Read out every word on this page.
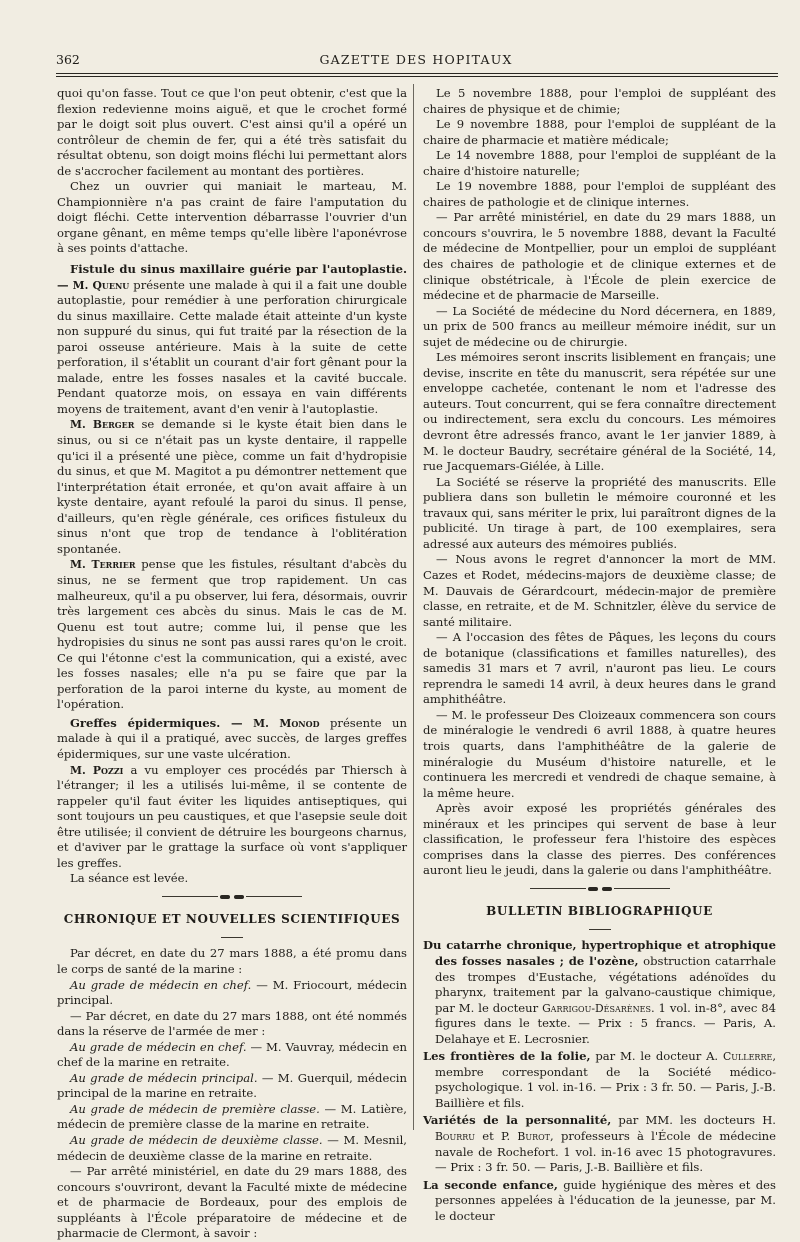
362	GAZETTE DES HOPITAUX

quoi qu'on fasse. Tout ce que l'on peut obtenir, c'est que la flexion redevienne moins aiguë, et que le crochet formé par le doigt soit plus ouvert. C'est ainsi qu'il a opéré un contrôleur de chemin de fer, qui a été très satisfait du résultat obtenu, son doigt moins fléchi lui permettant alors de s'accrocher facilement au montant des portières.

Chez un ouvrier qui maniait le marteau, M. Championnière n'a pas craint de faire l'amputation du doigt fléchi. Cette intervention débarrasse l'ouvrier d'un organe gênant, en même temps qu'elle libère l'aponévrose à ses points d'attache.

Fistule du sinus maxillaire guérie par l'autoplastie. — M. Quenu présente une malade à qui il a fait une double autoplastie, pour remédier à une perforation chirurgicale du sinus maxillaire. Cette malade était atteinte d'un kyste non suppuré du sinus, qui fut traité par la résection de la paroi osseuse antérieure. Mais à la suite de cette perforation, il s'établit un courant d'air fort gênant pour la malade, entre les fosses nasales et la cavité buccale. Pendant quatorze mois, on essaya en vain différents moyens de traitement, avant d'en venir à l'autoplastie.

M. Berger se demande si le kyste était bien dans le sinus, ou si ce n'était pas un kyste dentaire, il rappelle qu'ici il a présenté une pièce, comme un fait d'hydropisie du sinus, et que M. Magitot a pu démontrer nettement que l'interprétation était erronée, et qu'on avait affaire à un kyste dentaire, ayant refoulé la paroi du sinus. Il pense, d'ailleurs, qu'en règle générale, ces orifices fistuleux du sinus n'ont que trop de tendance à l'oblitération spontanée.

M. Terrier pense que les fistules, résultant d'abcès du sinus, ne se ferment que trop rapidement. Un cas malheureux, qu'il a pu observer, lui fera, désormais, ouvrir très largement ces abcès du sinus. Mais le cas de M. Quenu est tout autre; comme lui, il pense que les hydropisies du sinus ne sont pas aussi rares qu'on le croit. Ce qui l'étonne c'est la communication, qui a existé, avec les fosses nasales; elle n'a pu se faire que par la perforation de la paroi interne du kyste, au moment de l'opération.

Greffes épidermiques. — M. Monod présente un malade à qui il a pratiqué, avec succès, de larges greffes épidermiques, sur une vaste ulcération.

M. Pozzi a vu employer ces procédés par Thiersch à l'étranger; il les a utilisés lui-même, il se contente de rappeler qu'il faut éviter les liquides antiseptiques, qui sont toujours un peu caustiques, et que l'asepsie seule doit être utilisée; il convient de détruire les bourgeons charnus, et d'aviver par le grattage la surface où vont s'appliquer les greffes.

La séance est levée.

CHRONIQUE ET NOUVELLES SCIENTIFIQUES

Par décret, en date du 27 mars 1888, a été promu dans le corps de santé de la marine :

Au grade de médecin en chef. — M. Friocourt, médecin principal.

— Par décret, en date du 27 mars 1888, ont été nommés dans la réserve de l'armée de mer :

Au grade de médecin en chef. — M. Vauvray, médecin en chef de la marine en retraite.

Au grade de médecin principal. — M. Guerquil, médecin principal de la marine en retraite.

Au grade de médecin de première classe. — M. Latière, médecin de première classe de la marine en retraite.

Au grade de médecin de deuxième classe. — M. Mesnil, médecin de deuxième classe de la marine en retraite.

— Par arrêté ministériel, en date du 29 mars 1888, des concours s'ouvriront, devant la Faculté mixte de médecine et de pharmacie de Bordeaux, pour des emplois de suppléants à l'École préparatoire de médecine et de pharmacie de Clermont, à savoir :

Le 5 novembre 1888, pour l'emploi de suppléant des chaires de physique et de chimie;

Le 9 novembre 1888, pour l'emploi de suppléant de la chaire de pharmacie et matière médicale;

Le 14 novembre 1888, pour l'emploi de suppléant de la chaire d'histoire naturelle;

Le 19 novembre 1888, pour l'emploi de suppléant des chaires de pathologie et de clinique internes.

— Par arrêté ministériel, en date du 29 mars 1888, un concours s'ouvrira, le 5 novembre 1888, devant la Faculté de médecine de Montpellier, pour un emploi de suppléant des chaires de pathologie et de clinique externes et de clinique obstétricale, à l'École de plein exercice de médecine et de pharmacie de Marseille.

— La Société de médecine du Nord décernera, en 1889, un prix de 500 francs au meilleur mémoire inédit, sur un sujet de médecine ou de chirurgie.

Les mémoires seront inscrits lisiblement en français; une devise, inscrite en tête du manuscrit, sera répétée sur une enveloppe cachetée, contenant le nom et l'adresse des auteurs. Tout concurrent, qui se fera connaître directement ou indirectement, sera exclu du concours. Les mémoires devront être adressés franco, avant le 1er janvier 1889, à M. le docteur Baudry, secrétaire général de la Société, 14, rue Jacquemars-Giélée, à Lille.

La Société se réserve la propriété des manuscrits. Elle publiera dans son bulletin le mémoire couronné et les travaux qui, sans mériter le prix, lui paraîtront dignes de la publicité. Un tirage à part, de 100 exemplaires, sera adressé aux auteurs des mémoires publiés.

— Nous avons le regret d'annoncer la mort de MM. Cazes et Rodet, médecins-majors de deuxième classe; de M. Dauvais de Gérardcourt, médecin-major de première classe, en retraite, et de M. Schnitzler, élève du service de santé militaire.

— A l'occasion des fêtes de Pâques, les leçons du cours de botanique (classifications et familles naturelles), des samedis 31 mars et 7 avril, n'auront pas lieu. Le cours reprendra le samedi 14 avril, à deux heures dans le grand amphithéâtre.

— M. le professeur Des Cloizeaux commencera son cours de minéralogie le vendredi 6 avril 1888, à quatre heures trois quarts, dans l'amphithéâtre de la galerie de minéralogie du Muséum d'histoire naturelle, et le continuera les mercredi et vendredi de chaque semaine, à la même heure.

Après avoir exposé les propriétés générales des minéraux et les principes qui servent de base à leur classification, le professeur fera l'histoire des espèces comprises dans la classe des pierres. Des conférences auront lieu le jeudi, dans la galerie ou dans l'amphithéâtre.

BULLETIN BIBLIOGRAPHIQUE

Du catarrhe chronique, hypertrophique et atrophique des fosses nasales ; de l'ozène, obstruction catarrhale des trompes d'Eustache, végétations adénoïdes du pharynx, traitement par la galvano-caustique chimique, par M. le docteur Garrigou-Désarènes. 1 vol. in-8°, avec 84 figures dans le texte. — Prix : 5 francs. — Paris, A. Delahaye et E. Lecrosnier.

Les frontières de la folie, par M. le docteur A. Cullerre, membre correspondant de la Société médico-psychologique. 1 vol. in-16. — Prix : 3 fr. 50. — Paris, J.-B. Baillière et fils.

Variétés de la personnalité, par MM. les docteurs H. Bourru et P. Burot, professeurs à l'École de médecine navale de Rochefort. 1 vol. in-16 avec 15 photogravures. — Prix : 3 fr. 50. — Paris, J.-B. Baillière et fils.

La seconde enfance, guide hygiénique des mères et des personnes appelées à l'éducation de la jeunesse, par M. le docteur
